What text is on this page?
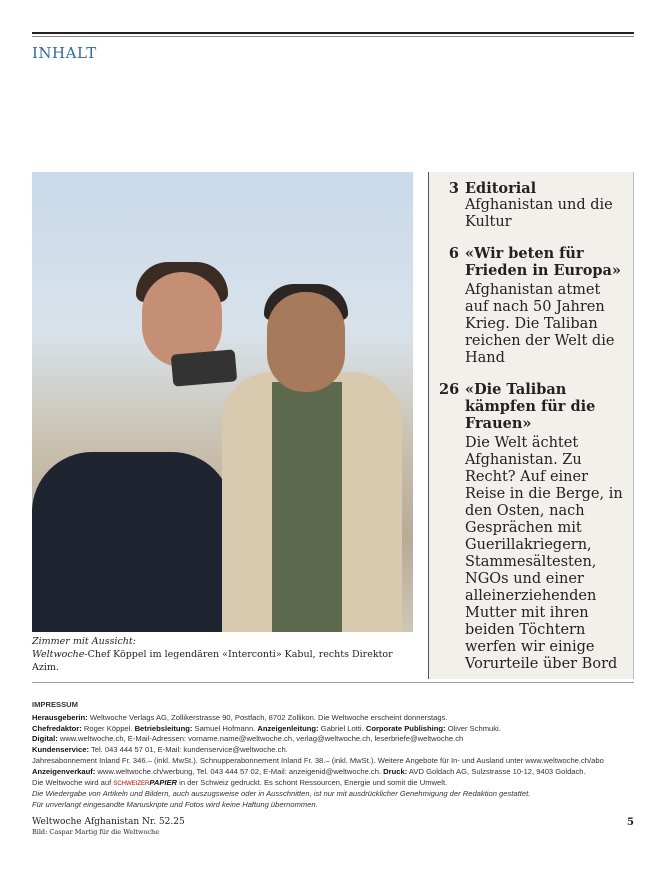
INHALT
Zimmer mit Aussicht:
Weltwoche-Chef Köppel im legendären «Interconti» Kabul, rechts Direktor Azim.
3 Editorial
Afghanistan und die Kultur
6 «Wir beten für Frieden in Europa»
Afghanistan atmet auf nach 50 Jahren Krieg. Die Taliban reichen der Welt die Hand
26 «Die Taliban kämpfen für die Frauen»
Die Welt ächtet Afghanistan. Zu Recht? Auf einer Reise in die Berge, in den Osten, nach Gesprächen mit Guerillakriegern, Stammesältesten, NGOs und einer alleinerziehenden Mutter mit ihren beiden Töchtern werfen wir einige Vorurteile über Bord
IMPRESSUM
Herausgeberin: Weltwoche Verlags AG, Zollikerstrasse 90, Postfach, 8702 Zollikon. Die Weltwoche erscheint donnerstags.
Chefredaktor: Roger Köppel. Betriebsleitung: Samuel Hofmann. Anzeigenleitung: Gabriel Lotti. Corporate Publishing: Oliver Schmuki.
Digital: www.weltwoche.ch, E-Mail-Adressen: vorname.name@weltwoche.ch, verlag@weltwoche.ch, leserbriefe@weltwoche.ch
Kundenservice: Tel. 043 444 57 01, E-Mail: kundenservice@weltwoche.ch.
Jahresabonnement Inland Fr. 346.– (inkl. MwSt.). Schnupperabonnement Inland Fr. 38.– (inkl. MwSt.). Weitere Angebote für In- und Ausland unter www.weltwoche.ch/abo
Anzeigenverkauf: www.weltwoche.ch/werbung, Tel. 043 444 57 02, E-Mail: anzeigenid@weltwoche.ch. Druck: AVD Goldach AG, Sulzstrasse 10-12, 9403 Goldach.
Die Weltwoche wird auf SCHWEIZERPAPIER in der Schweiz gedruckt. Es schont Ressourcen, Energie und somit die Umwelt.
Die Wiedergabe von Artikeln und Bildern, auch auszugsweise oder in Ausschnitten, ist nur mit ausdrücklicher Genehmigung der Redaktion gestattet.
Für unverlangt eingesandte Manuskripte und Fotos wird keine Haftung übernommen.
Weltwoche Afghanistan Nr. 52.25
Bild: Caspar Martig für die Weltwoche
5
